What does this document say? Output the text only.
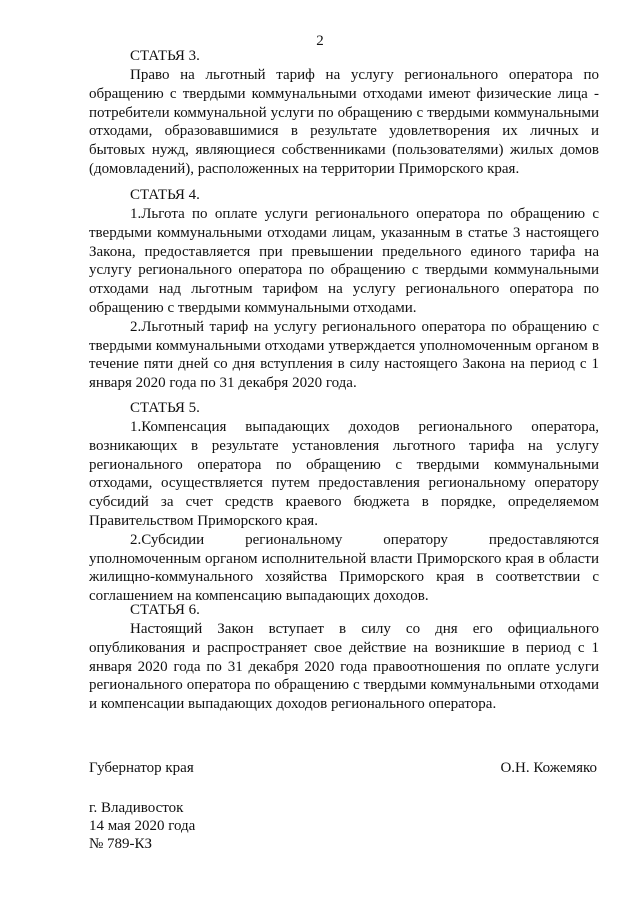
2
СТАТЬЯ 3.

Право на льготный тариф на услугу регионального оператора по обращению с твердыми коммунальными отходами имеют физические лица - потребители коммунальной услуги по обращению с твердыми коммунальными отходами, образовавшимися в результате удовлетворения их личных и бытовых нужд, являющиеся собственниками (пользователями) жилых домов (домовладений), расположенных на территории Приморского края.

СТАТЬЯ 4.

1.Льгота по оплате услуги регионального оператора по обращению с твердыми коммунальными отходами лицам, указанным в статье 3 настоящего Закона, предоставляется при превышении предельного единого тарифа на услугу регионального оператора по обращению с твердыми коммунальными отходами над льготным тарифом на услугу регионального оператора по обращению с твердыми коммунальными отходами.

2.Льготный тариф на услугу регионального оператора по обращению с твердыми коммунальными отходами утверждается уполномоченным органом в течение пяти дней со дня вступления в силу настоящего Закона на период с 1 января 2020 года по 31 декабря 2020 года.

СТАТЬЯ 5.

1.Компенсация выпадающих доходов регионального оператора, возникающих в результате установления льготного тарифа на услугу регионального оператора по обращению с твердыми коммунальными отходами, осуществляется путем предоставления региональному оператору субсидий за счет средств краевого бюджета в порядке, определяемом Правительством Приморского края.

2.Субсидии региональному оператору предоставляются уполномоченным органом исполнительной власти Приморского края в области жилищно-коммунального хозяйства Приморского края в соответствии с соглашением на компенсацию выпадающих доходов.

СТАТЬЯ 6.

Настоящий Закон вступает в силу со дня его официального опубликования и распространяет свое действие на возникшие в период с 1 января 2020 года по 31 декабря 2020 года правоотношения по оплате услуги регионального оператора по обращению с твердыми коммунальными отходами и компенсации выпадающих доходов регионального оператора.

Губернатор края	О.Н. Кожемяко
г. Владивосток
14 мая 2020 года
№ 789-КЗ
